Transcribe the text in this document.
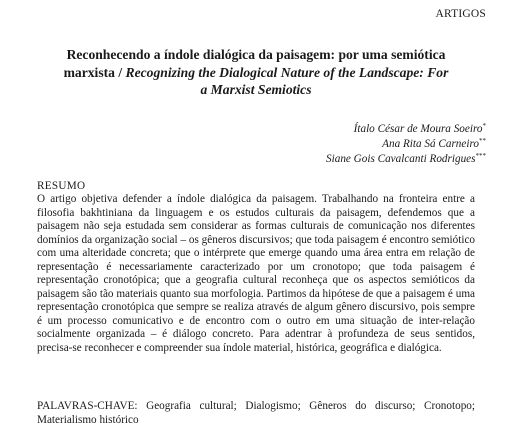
ARTIGOS
Reconhecendo a índole dialógica da paisagem: por uma semiótica marxista / Recognizing the Dialogical Nature of the Landscape: For a Marxist Semiotics
Ítalo César de Moura Soeiro*
Ana Rita Sá Carneiro**
Siane Gois Cavalcanti Rodrigues***
RESUMO
O artigo objetiva defender a índole dialógica da paisagem. Trabalhando na fronteira entre a filosofia bakhtiniana da linguagem e os estudos culturais da paisagem, defendemos que a paisagem não seja estudada sem considerar as formas culturais de comunicação nos diferentes domínios da organização social – os gêneros discursivos; que toda paisagem é encontro semiótico com uma alteridade concreta; que o intérprete que emerge quando uma área entra em relação de representação é necessariamente caracterizado por um cronotopo; que toda paisagem é representação cronotópica; que a geografia cultural reconheça que os aspectos semióticos da paisagem são tão materiais quanto sua morfologia. Partimos da hipótese de que a paisagem é uma representação cronotópica que sempre se realiza através de algum gênero discursivo, pois sempre é um processo comunicativo e de encontro com o outro em uma situação de inter-relação socialmente organizada – é diálogo concreto. Para adentrar à profundeza de seus sentidos, precisa-se reconhecer e compreender sua índole material, histórica, geográfica e dialógica.
PALAVRAS-CHAVE: Geografia cultural; Dialogismo; Gêneros do discurso; Cronotopo; Materialismo histórico
